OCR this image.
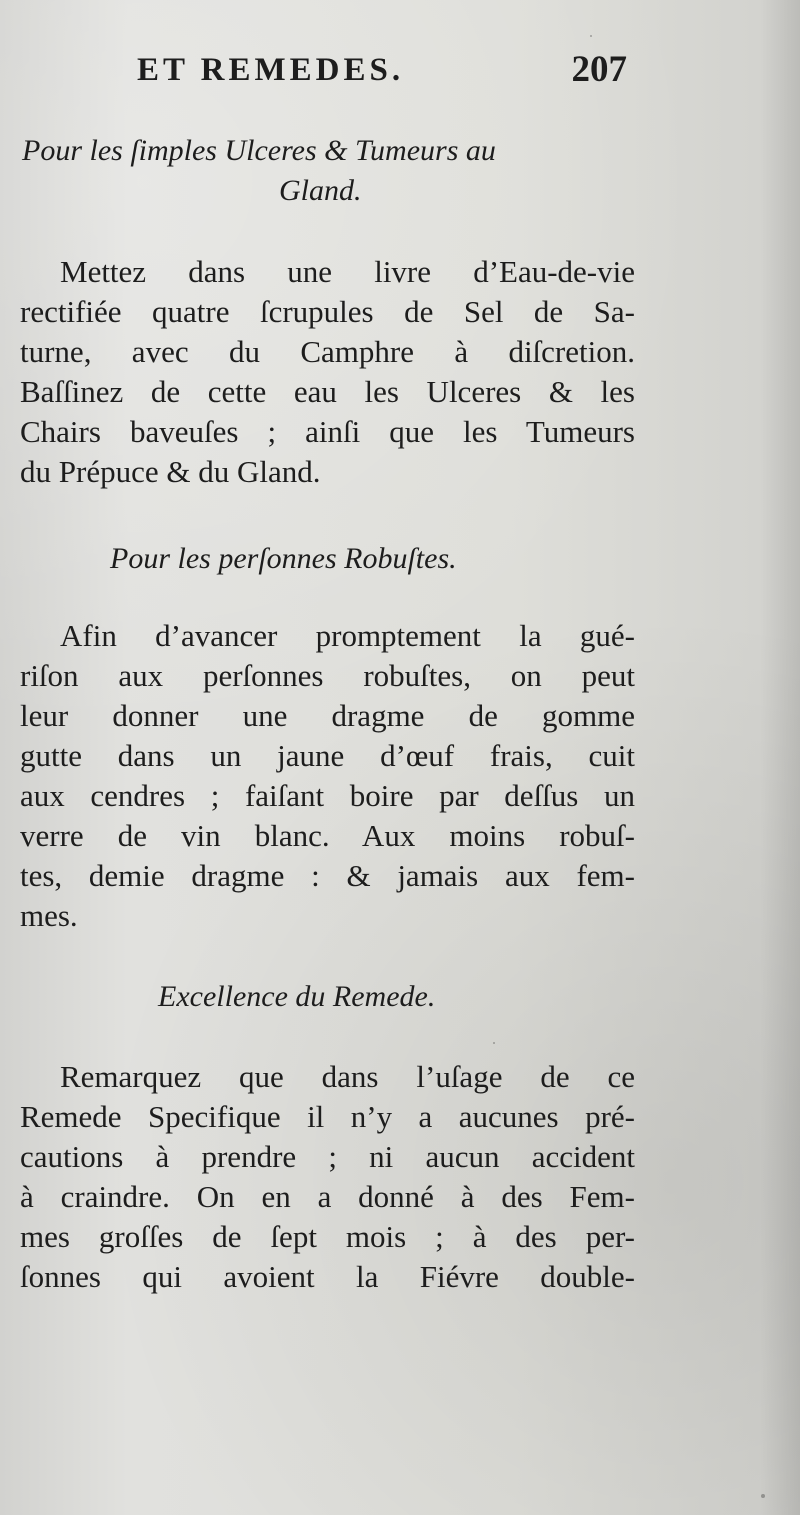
ET REMEDES.	207
Pour les ſimples Ulceres & Tumeurs au
Gland.
Mettez dans une livre d’Eau-de-vie
rectifiée quatre ſcrupules de Sel de Sa-
turne, avec du Camphre à diſcretion.
Baſſinez de cette eau les Ulceres & les
Chairs baveuſes ; ainſi que les Tumeurs
du Prépuce & du Gland.
Pour les perſonnes Robuſtes.
Afin d’avancer promptement la gué-
riſon aux perſonnes robuſtes, on peut
leur donner une dragme de gomme
gutte dans un jaune d’œuf frais, cuit
aux cendres ; faiſant boire par deſſus un
verre de vin blanc. Aux moins robuſ-
tes, demie dragme : & jamais aux fem-
mes.
Excellence du Remede.
Remarquez que dans l’uſage de ce
Remede Specifique il n’y a aucunes pré-
cautions à prendre ; ni aucun accident
à craindre. On en a donné à des Fem-
mes groſſes de ſept mois ; à des per-
ſonnes qui avoient la Fiévre double-
